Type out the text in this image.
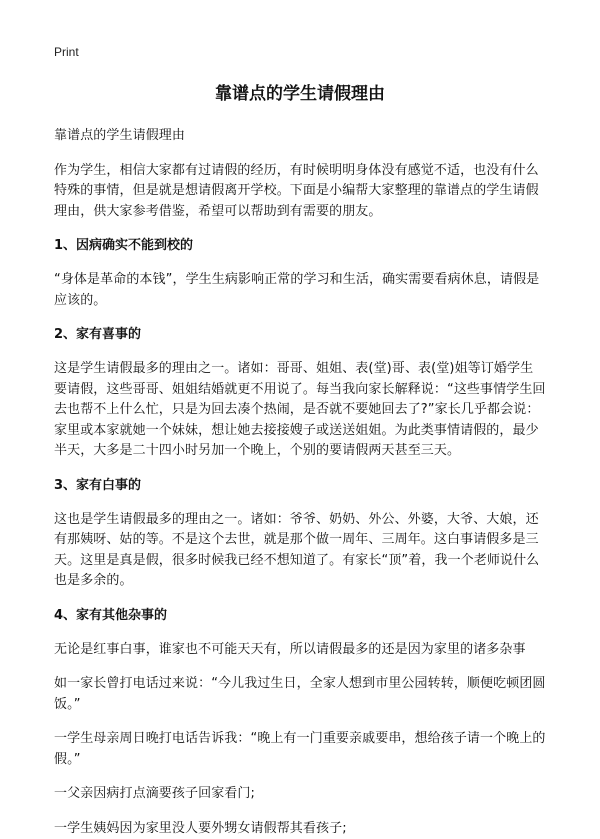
Print
靠谱点的学生请假理由

靠谱点的学生请假理由

作为学生，相信大家都有过请假的经历，有时候明明身体没有感觉不适，也没有什么特殊的事情，但是就是想请假离开学校。下面是小编帮大家整理的靠谱点的学生请假理由，供大家参考借鉴，希望可以帮助到有需要的朋友。

1、因病确实不能到校的

“身体是革命的本钱”，学生生病影响正常的学习和生活，确实需要看病休息，请假是应该的。

2、家有喜事的

这是学生请假最多的理由之一。诸如：哥哥、姐姐、表(堂)哥、表(堂)姐等订婚学生要请假，这些哥哥、姐姐结婚就更不用说了。每当我向家长解释说：“这些事情学生回去也帮不上什么忙，只是为回去凑个热闹，是否就不要她回去了?”家长几乎都会说：家里或本家就她一个妹妹，想让她去接接嫂子或送送姐姐。为此类事情请假的，最少半天，大多是二十四小时另加一个晚上，个别的要请假两天甚至三天。

3、家有白事的

这也是学生请假最多的理由之一。诸如：爷爷、奶奶、外公、外婆，大爷、大娘，还有那姨呀、姑的等。不是这个去世，就是那个做一周年、三周年。这白事请假多是三天。这里是真是假，很多时候我已经不想知道了。有家长“顶”着，我一个老师说什么也是多余的。

4、家有其他杂事的

无论是红事白事，谁家也不可能天天有，所以请假最多的还是因为家里的诸多杂事

如一家长曾打电话过来说：“今儿我过生日，全家人想到市里公园转转，顺便吃顿团圆饭。”

一学生母亲周日晚打电话告诉我：“晚上有一门重要亲戚要串，想给孩子请一个晚上的假。”

一父亲因病打点滴要孩子回家看门;

一学生姨妈因为家里没人要外甥女请假帮其看孩子;
